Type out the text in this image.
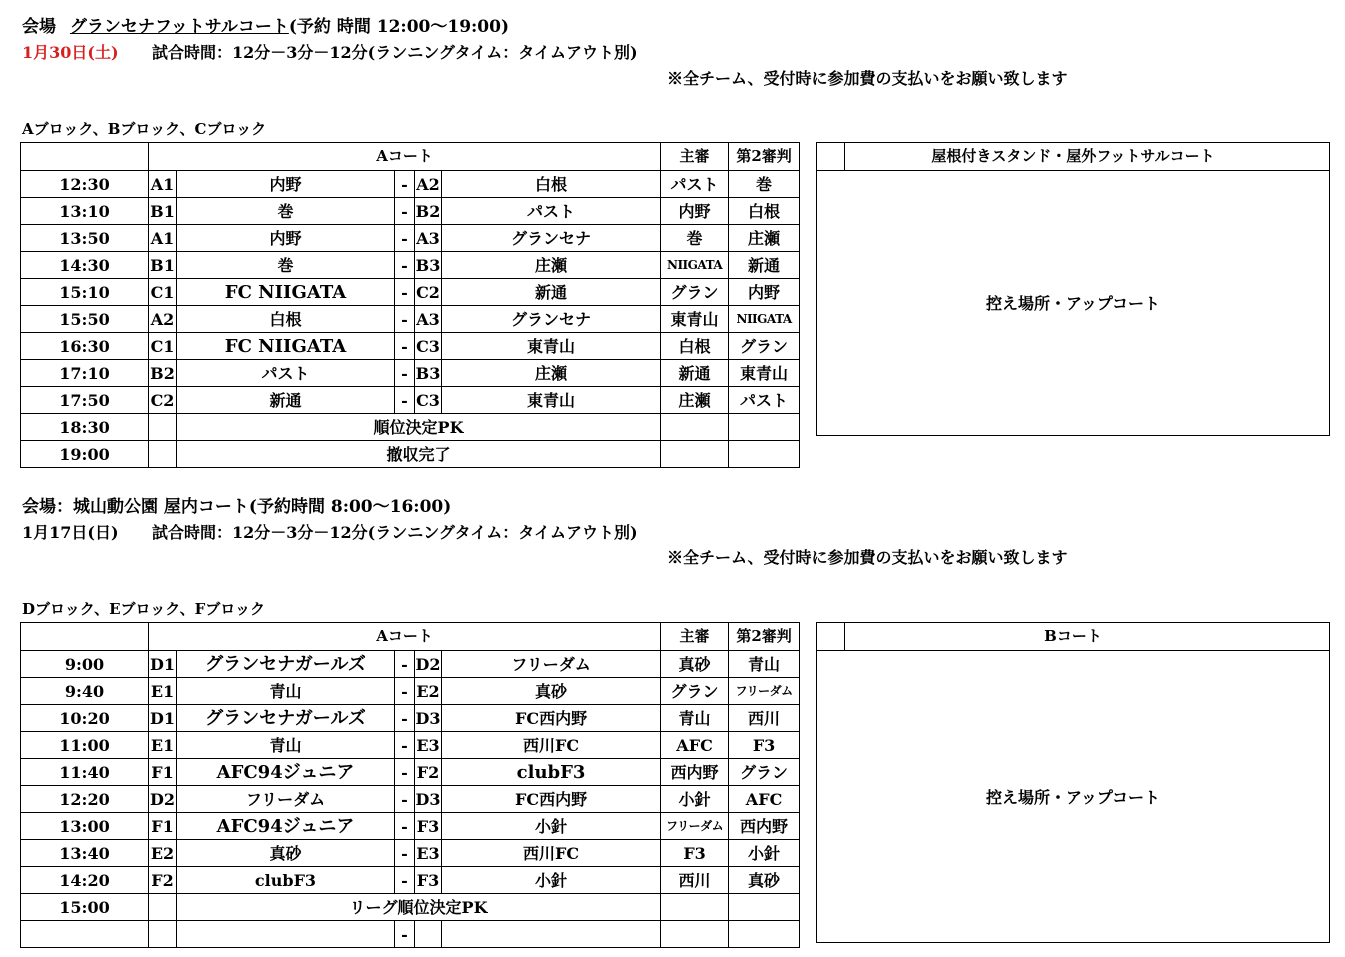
会場 グランセナフットサルコート(予約 時間 12:00～19:00)
1月30日(土) 試合時間：12分－3分－12分(ランニングタイム：タイムアウト別)
※全チーム、受付時に参加費の支払いをお願い致します
Aブロック、Bブロック、Cブロック
	Aコート					主審	第2審判
12:30	A1	内野	-	A2	白根	パスト	巻
13:10	B1	巻	-	B2	パスト	内野	白根
13:50	A1	内野	-	A3	グランセナ	巻	庄瀬
14:30	B1	巻	-	B3	庄瀬	NIIGATA	新通
15:10	C1	FC NIIGATA	-	C2	新通	グラン	内野
15:50	A2	白根	-	A3	グランセナ	東青山	NIIGATA
16:30	C1	FC NIIGATA	-	C3	東青山	白根	グラン
17:10	B2	パスト	-	B3	庄瀬	新通	東青山
17:50	C2	新通	-	C3	東青山	庄瀬	パスト
18:30		順位決定PK					
19:00		撤収完了					
屋根付きスタンド・屋外フットサルコート
控え場所・アップコート
会場：城山動公園 屋内コート(予約時間 8:00～16:00)
1月17日(日) 試合時間：12分－3分－12分(ランニングタイム：タイムアウト別)
※全チーム、受付時に参加費の支払いをお願い致します
Dブロック、Eブロック、Fブロック
	Aコート					主審	第2審判
9:00	D1	グランセナガールズ	-	D2	フリーダム	真砂	青山
9:40	E1	青山	-	E2	真砂	グラン	フリーダム
10:20	D1	グランセナガールズ	-	D3	FC西内野	青山	西川
11:00	E1	青山	-	E3	西川FC	AFC	F3
11:40	F1	AFC94ジュニア	-	F2	clubF3	西内野	グラン
12:20	D2	フリーダム	-	D3	FC西内野	小針	AFC
13:00	F1	AFC94ジュニア	-	F3	小針	フリーダム	西内野
13:40	E2	真砂	-	E3	西川FC	F3	小針
14:20	F2	clubF3	-	F3	小針	西川	真砂
15:00		リーグ順位決定PK					
			-				
Bコート
控え場所・アップコート
